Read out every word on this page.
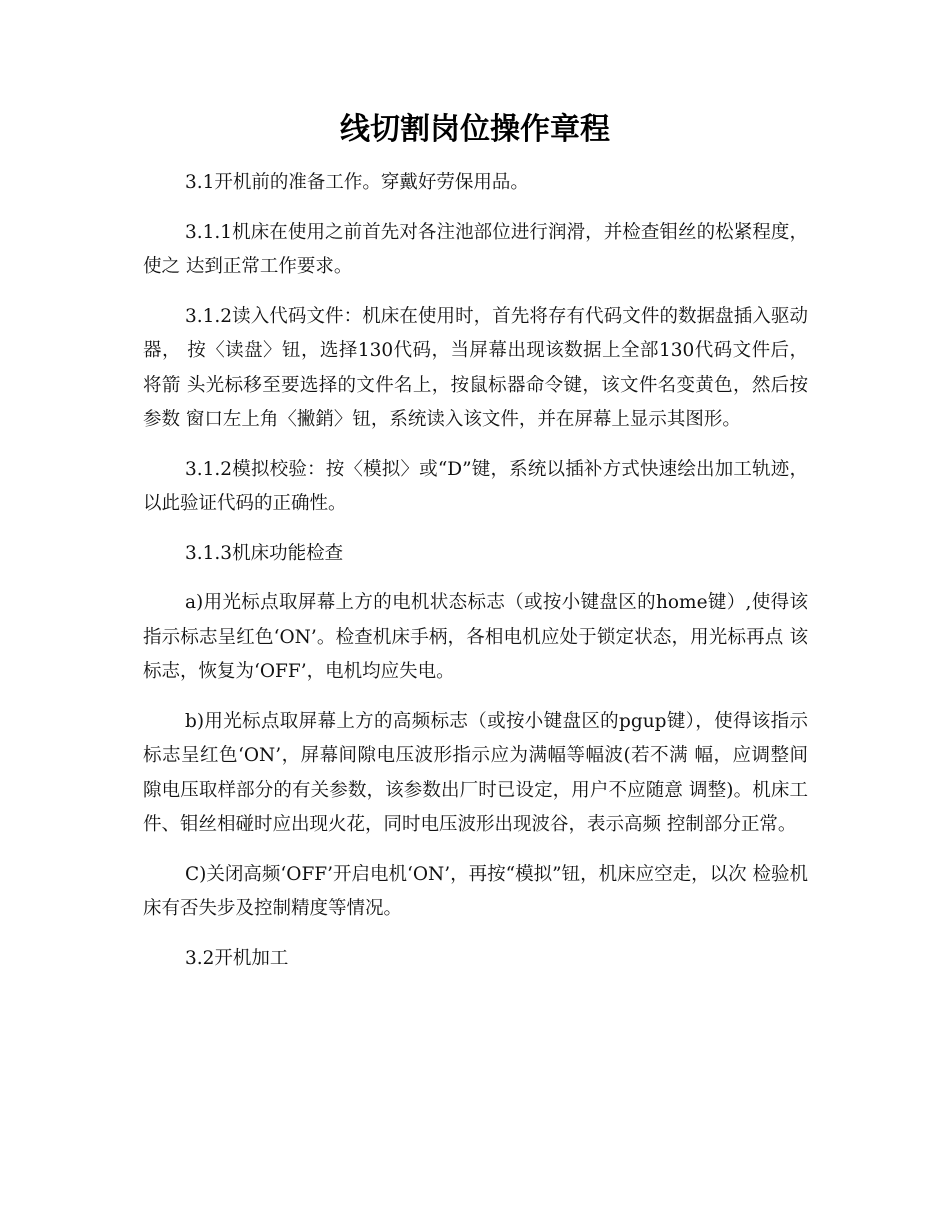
线切割岗位操作章程

3.1开机前的准备工作。穿戴好劳保用品。

3.1.1机床在使用之前首先对各注池部位进行润滑，并检查钼丝的松紧程度，使之 达到正常工作要求。

3.1.2读入代码文件：机床在使用时，首先将存有代码文件的数据盘插入驱动器， 按〈读盘〉钮，选择130代码，当屏幕出现该数据上全部130代码文件后，将箭 头光标移至要选择的文件名上，按鼠标器命令键，该文件名变黄色，然后按参数 窗口左上角〈撇銷〉钮，系统读入该文件，并在屏幕上显示其图形。

3.1.2模拟校验：按〈模拟〉或“D”键，系统以插补方式快速绘出加工轨迹， 以此验证代码的正确性。

3.1.3机床功能检查

a)用光标点取屏幕上方的电机状态标志（或按小键盘区的home键）,使得该 指示标志呈红色‘ON’。检查机床手柄，各相电机应处于锁定状态，用光标再点 该标志，恢复为‘OFF’，电机均应失电。

b)用光标点取屏幕上方的高频标志（或按小键盘区的pgup键），使得该指示 标志呈红色‘ON’，屏幕间隙电压波形指示应为满幅等幅波(若不满 幅，应调整间隙电压取样部分的有关参数，该参数出厂时已设定，用户不应随意 调整)。机床工件、钼丝相碰时应出现火花，同时电压波形出现波谷，表示高频 控制部分正常。

C)关闭高频‘OFF’开启电机‘ON’，再按“模拟”钮，机床应空走，以次 检验机床有否失步及控制精度等情况。

3.2开机加工
